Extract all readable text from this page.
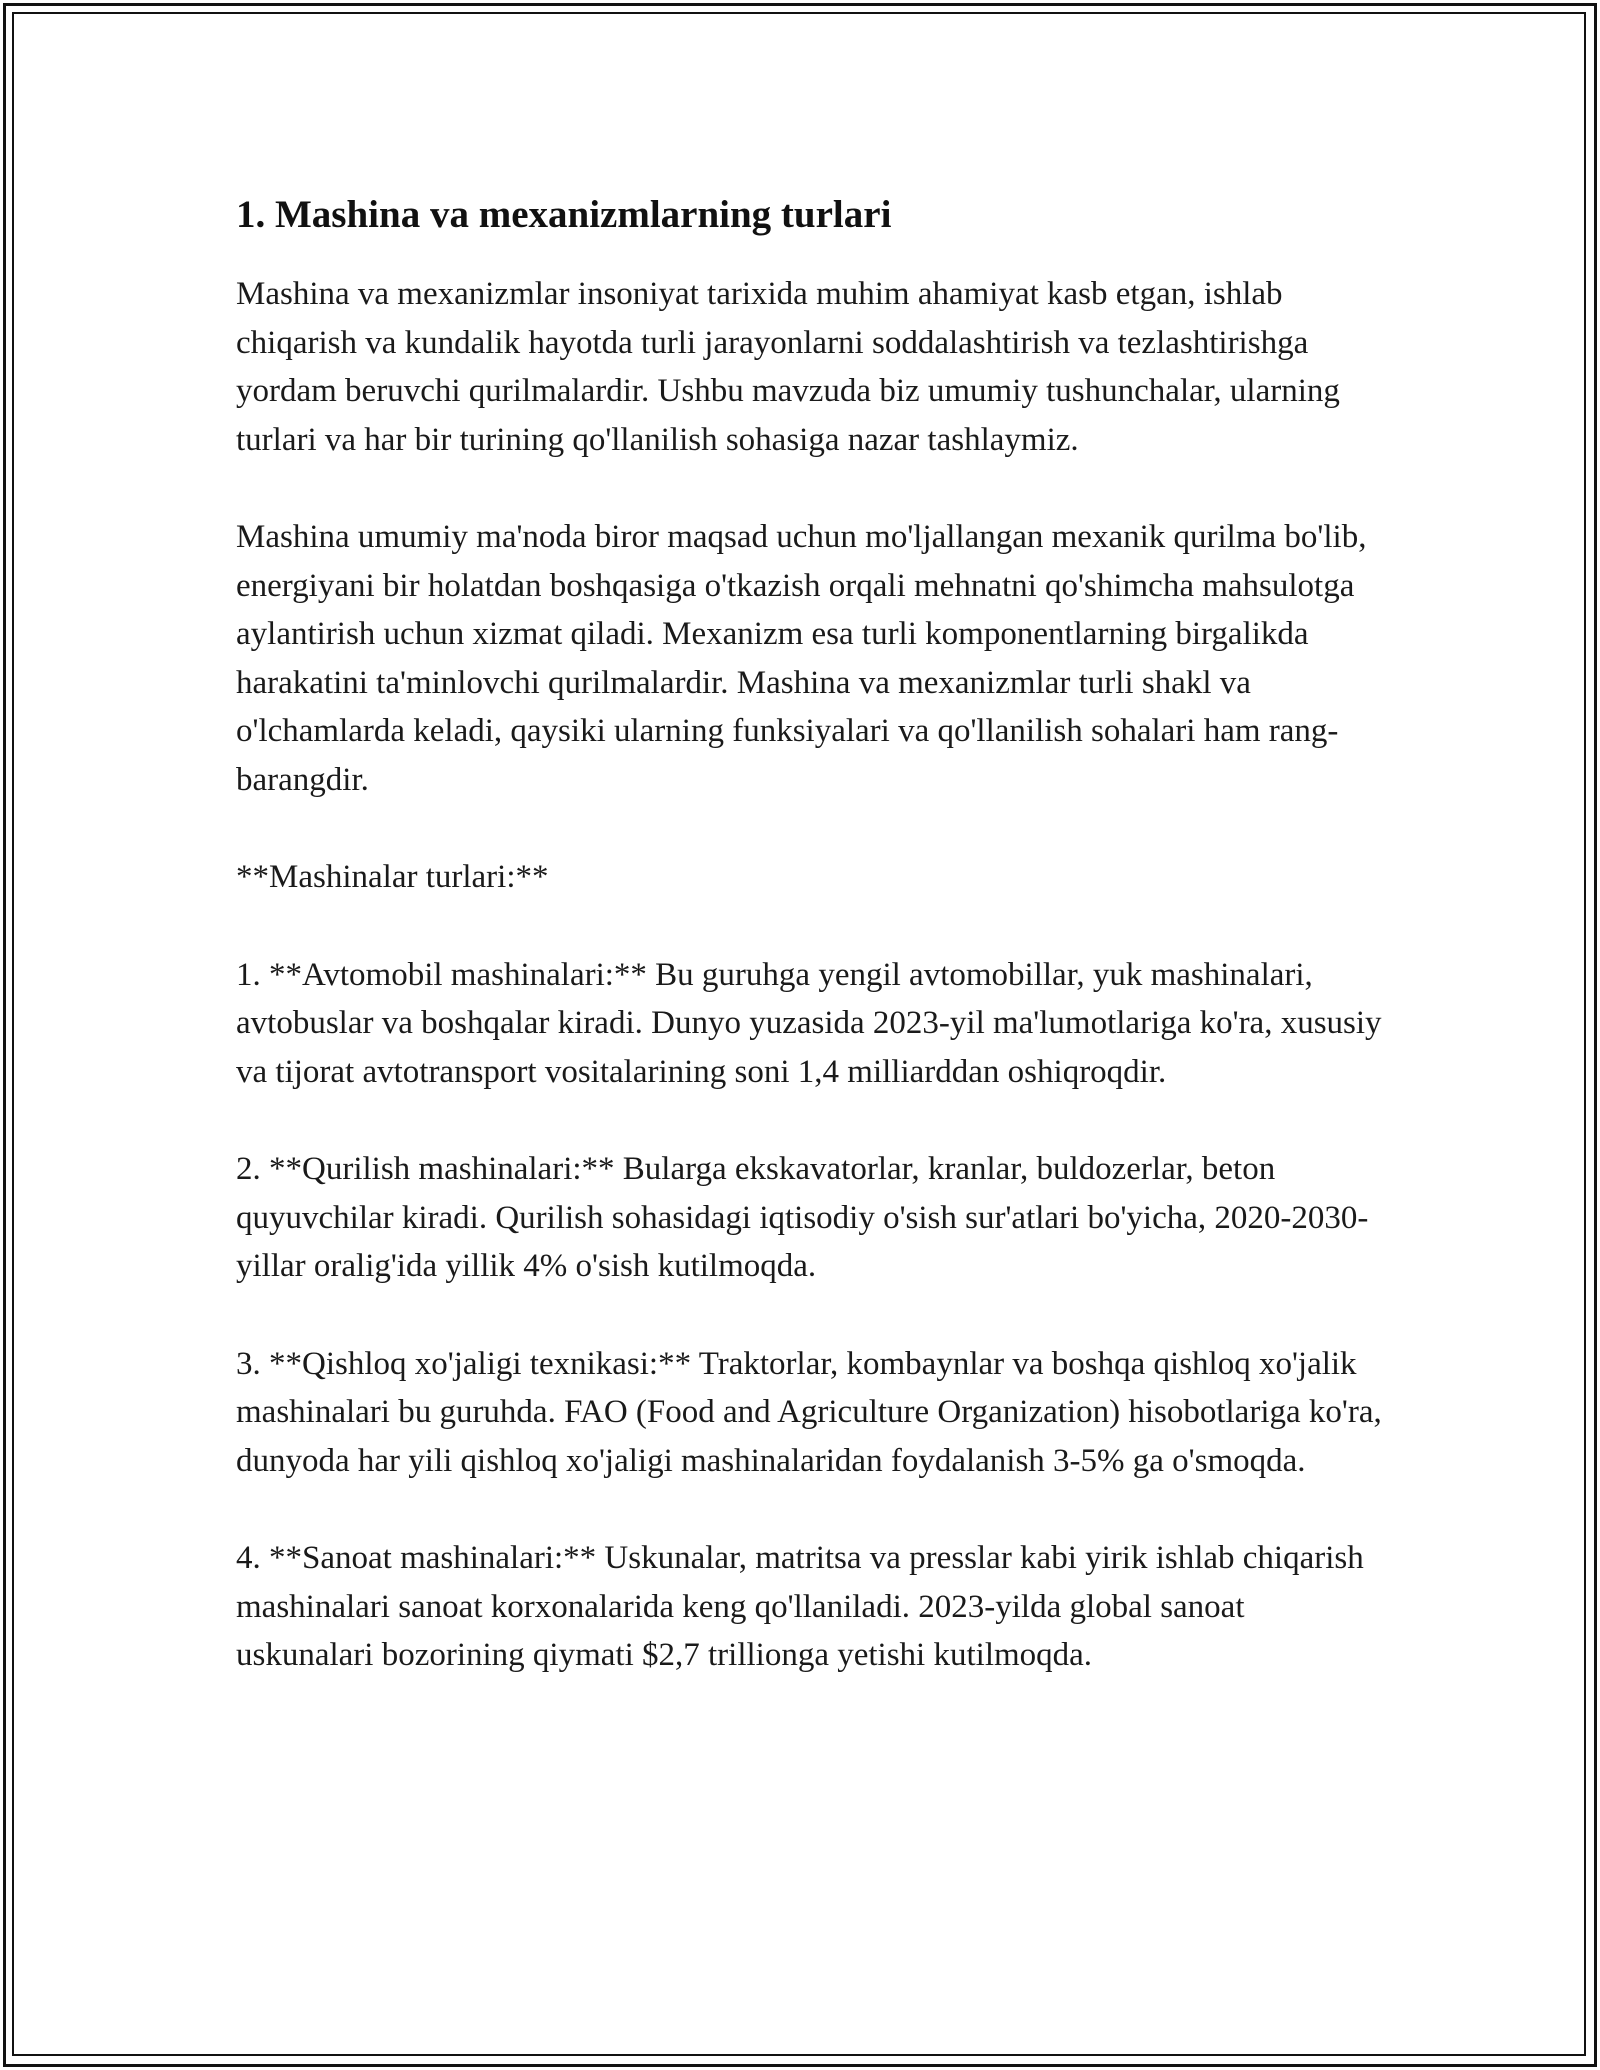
1. Mashina va mexanizmlarning turlari

Mashina va mexanizmlar insoniyat tarixida muhim ahamiyat kasb etgan, ishlab chiqarish va kundalik hayotda turli jarayonlarni soddalashtirish va tezlashtirishga yordam beruvchi qurilmalardir. Ushbu mavzuda biz umumiy tushunchalar, ularning turlari va har bir turining qo'llanilish sohasiga nazar tashlaymiz.

Mashina umumiy ma'noda biror maqsad uchun mo'ljallangan mexanik qurilma bo'lib, energiyani bir holatdan boshqasiga o'tkazish orqali mehnatni qo'shimcha mahsulotga aylantirish uchun xizmat qiladi. Mexanizm esa turli komponentlarning birgalikda harakatini ta'minlovchi qurilmalardir. Mashina va mexanizmlar turli shakl va o'lchamlarda keladi, qaysiki ularning funksiyalari va qo'llanilish sohalari ham rang-barangdir.

**Mashinalar turlari:**

1. **Avtomobil mashinalari:** Bu guruhga yengil avtomobillar, yuk mashinalari, avtobuslar va boshqalar kiradi. Dunyo yuzasida 2023-yil ma'lumotlariga ko'ra, xususiy va tijorat avtotransport vositalarining soni 1,4 milliarddan oshiqroqdir.

2. **Qurilish mashinalari:** Bularga ekskavatorlar, kranlar, buldozerlar, beton quyuvchilar kiradi. Qurilish sohasidagi iqtisodiy o'sish sur'atlari bo'yicha, 2020-2030-yillar oralig'ida yillik 4% o'sish kutilmoqda.

3. **Qishloq xo'jaligi texnikasi:** Traktorlar, kombaynlar va boshqa qishloq xo'jalik mashinalari bu guruhda. FAO (Food and Agriculture Organization) hisobotlariga ko'ra, dunyoda har yili qishloq xo'jaligi mashinalaridan foydalanish 3-5% ga o'smoqda.

4. **Sanoat mashinalari:** Uskunalar, matritsa va presslar kabi yirik ishlab chiqarish mashinalari sanoat korxonalarida keng qo'llaniladi. 2023-yilda global sanoat uskunalari bozorining qiymati $2,7 trillionga yetishi kutilmoqda.
